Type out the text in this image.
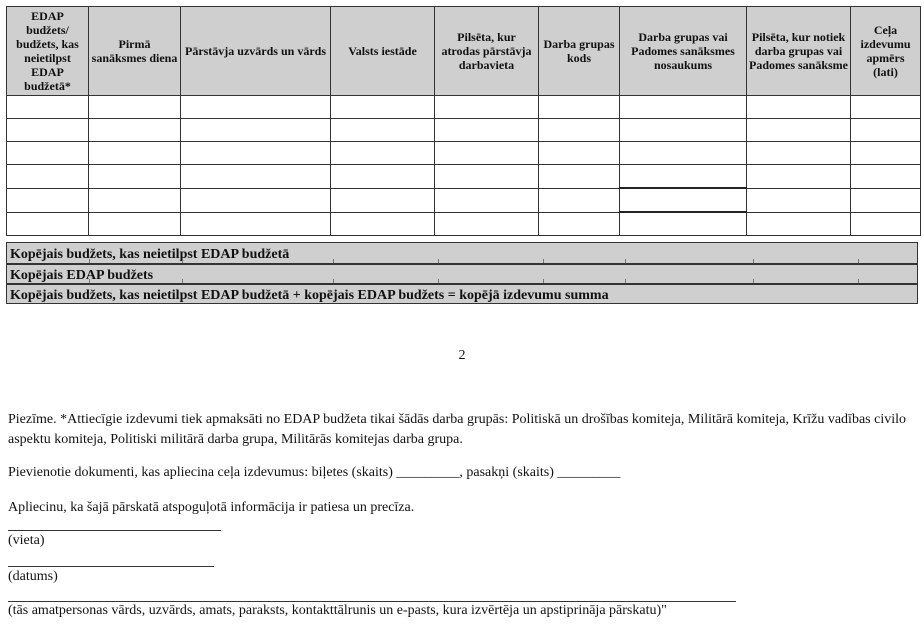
EDAP budžets/ budžets, kas neietilpst EDAP budžetā*	Pirmā sanāksmes diena	Pārstāvja uzvārds un vārds	Valsts iestāde	Pilsēta, kur atrodas pārstāvja darbavieta	Darba grupas kods	Darba grupas vai Padomes sanāksmes nosaukums	Pilsēta, kur notiek darba grupas vai Padomes sanāksme	Ceļa izdevumu apmērs (lati)

Kopējais budžets, kas neietilpst EDAP budžetā
Kopējais EDAP budžets
Kopējais budžets, kas neietilpst EDAP budžetā + kopējais EDAP budžets = kopējā izdevumu summa
2
Piezīme. *Attiecīgie izdevumi tiek apmaksāti no EDAP budžeta tikai šādās darba grupās: Politiskā un drošības komiteja, Militārā komiteja, Krīžu vadības civilo aspektu komiteja, Politiski militārā darba grupa, Militārās komitejas darba grupa.
Pievienotie dokumenti, kas apliecina ceļa izdevumus: biļetes (skaits) _________, pasakņi (skaits) _________
Apliecinu, ka šajā pārskatā atspoguļotā informācija ir patiesa un precīza.
(vieta)
(datums)
(tās amatpersonas vārds, uzvārds, amats, paraksts, kontakttālrunis un e-pasts, kura izvērtēja un apstiprināja pārskatu)"
